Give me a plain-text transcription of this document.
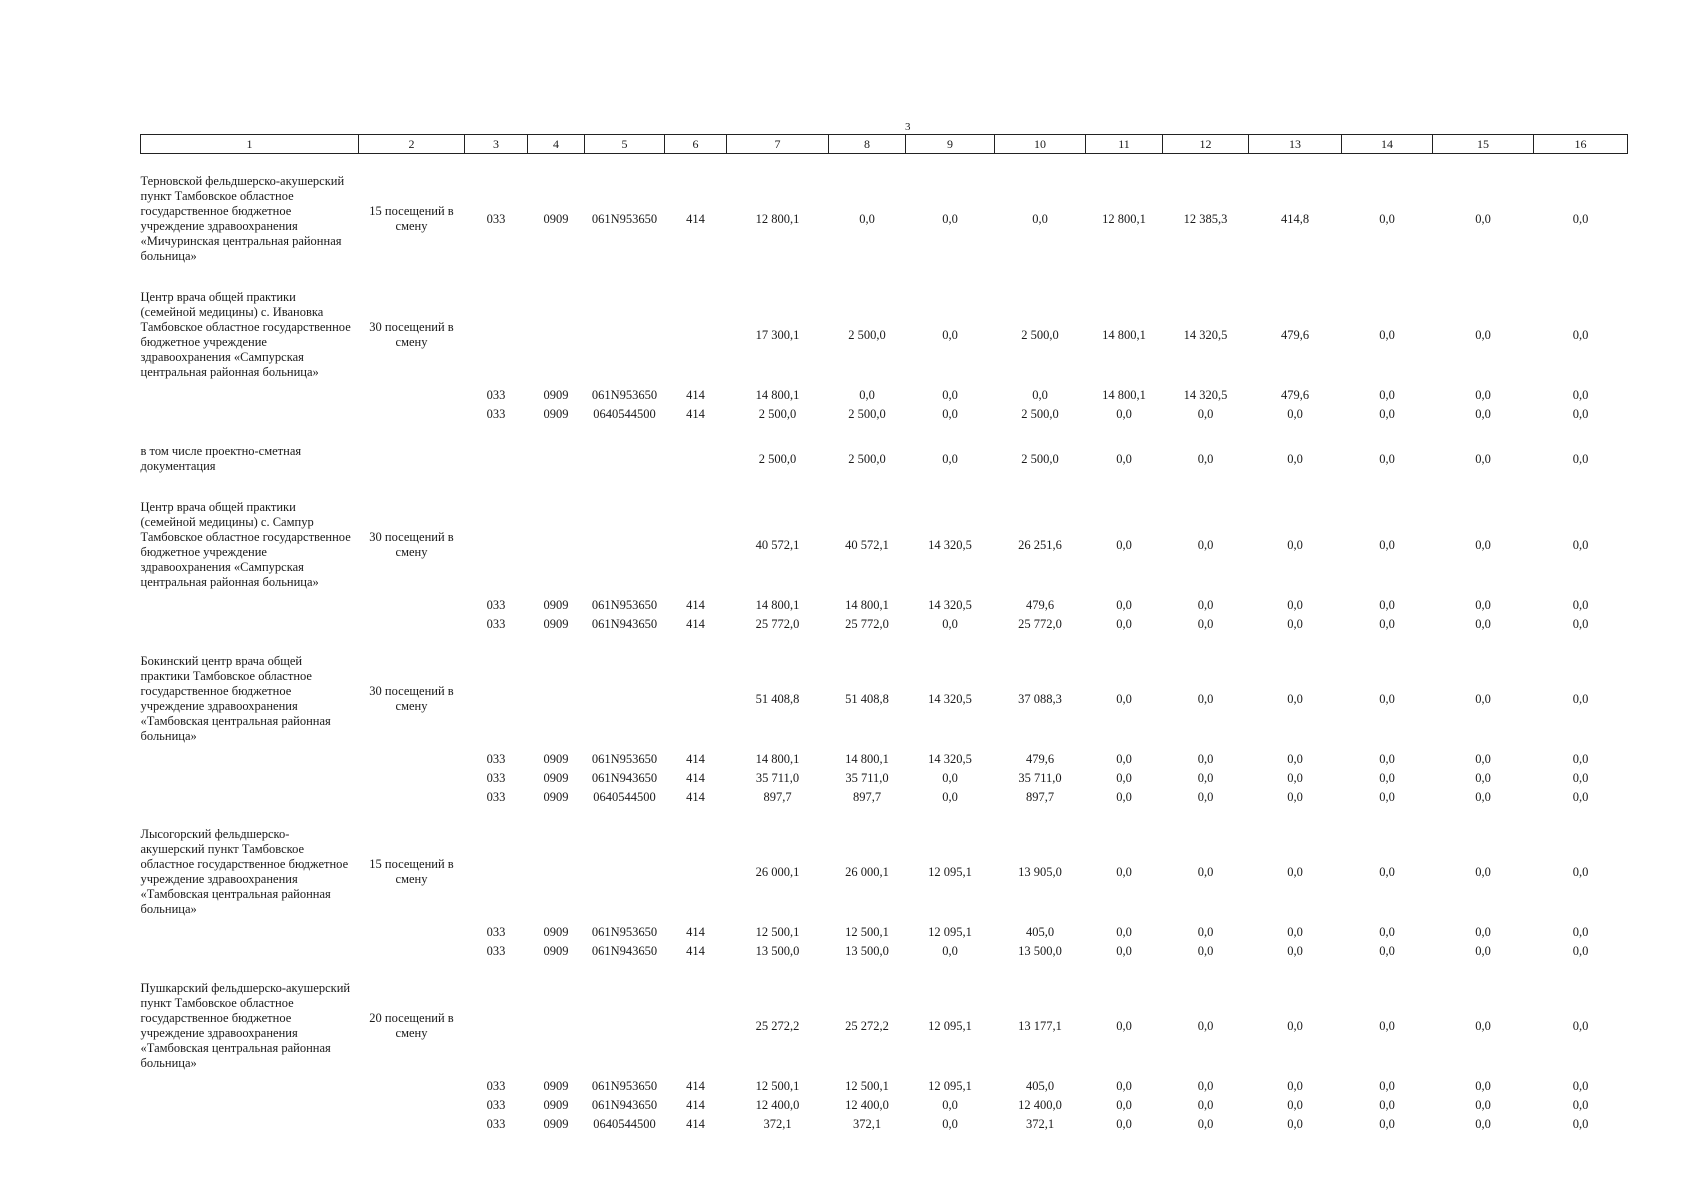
3
1	2	3	4	5	6	7	8	9	10	11	12	13	14	15	16

Терновской фельдшерско-акушерский пункт Тамбовское областное государственное бюджетное учреждение здравоохранения «Мичуринская центральная районная больница»	15 посещений в смену	033	0909	061N953650	414	12 800,1	0,0	0,0	0,0	12 800,1	12 385,3	414,8	0,0	0,0	0,0

Центр врача общей практики (семейной медицины) с. Ивановка Тамбовское областное государственное бюджетное учреждение здравоохранения «Сампурская центральная районная больница»	30 посещений в смену					17 300,1	2 500,0	0,0	2 500,0	14 800,1	14 320,5	479,6	0,0	0,0	0,0
		033	0909	061N953650	414	14 800,1	0,0	0,0	0,0	14 800,1	14 320,5	479,6	0,0	0,0	0,0
		033	0909	0640544500	414	2 500,0	2 500,0	0,0	2 500,0	0,0	0,0	0,0	0,0	0,0	0,0

в том числе проектно-сметная документация						2 500,0	2 500,0	0,0	2 500,0	0,0	0,0	0,0	0,0	0,0	0,0

Центр врача общей практики (семейной медицины) с. Сампур Тамбовское областное государственное бюджетное учреждение здравоохранения «Сампурская центральная районная больница»	30 посещений в смену					40 572,1	40 572,1	14 320,5	26 251,6	0,0	0,0	0,0	0,0	0,0	0,0
		033	0909	061N953650	414	14 800,1	14 800,1	14 320,5	479,6	0,0	0,0	0,0	0,0	0,0	0,0
		033	0909	061N943650	414	25 772,0	25 772,0	0,0	25 772,0	0,0	0,0	0,0	0,0	0,0	0,0

Бокинский центр врача общей практики Тамбовское областное государственное бюджетное учреждение здравоохранения «Тамбовская центральная районная больница»	30 посещений в смену					51 408,8	51 408,8	14 320,5	37 088,3	0,0	0,0	0,0	0,0	0,0	0,0
		033	0909	061N953650	414	14 800,1	14 800,1	14 320,5	479,6	0,0	0,0	0,0	0,0	0,0	0,0
		033	0909	061N943650	414	35 711,0	35 711,0	0,0	35 711,0	0,0	0,0	0,0	0,0	0,0	0,0
		033	0909	0640544500	414	897,7	897,7	0,0	897,7	0,0	0,0	0,0	0,0	0,0	0,0

Лысогорский фельдшерско-акушерский пункт Тамбовское областное государственное бюджетное учреждение здравоохранения «Тамбовская центральная районная больница»	15 посещений в смену					26 000,1	26 000,1	12 095,1	13 905,0	0,0	0,0	0,0	0,0	0,0	0,0
		033	0909	061N953650	414	12 500,1	12 500,1	12 095,1	405,0	0,0	0,0	0,0	0,0	0,0	0,0
		033	0909	061N943650	414	13 500,0	13 500,0	0,0	13 500,0	0,0	0,0	0,0	0,0	0,0	0,0

Пушкарский фельдшерско-акушерский пункт Тамбовское областное государственное бюджетное учреждение здравоохранения «Тамбовская центральная районная больница»	20 посещений в смену					25 272,2	25 272,2	12 095,1	13 177,1	0,0	0,0	0,0	0,0	0,0	0,0
		033	0909	061N953650	414	12 500,1	12 500,1	12 095,1	405,0	0,0	0,0	0,0	0,0	0,0	0,0
		033	0909	061N943650	414	12 400,0	12 400,0	0,0	12 400,0	0,0	0,0	0,0	0,0	0,0	0,0
		033	0909	0640544500	414	372,1	372,1	0,0	372,1	0,0	0,0	0,0	0,0	0,0	0,0
